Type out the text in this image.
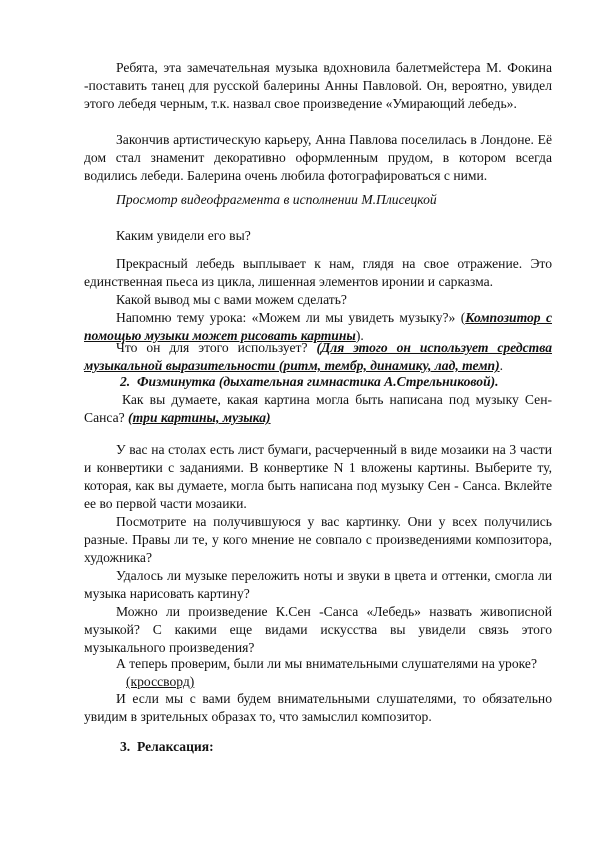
Ребята, эта замечательная музыка вдохновила балетмейстера М. Фокина -поставить танец для русской балерины Анны Павловой. Он, вероятно, увидел этого лебедя черным, т.к. назвал свое произведение «Умирающий лебедь».

Закончив артистическую карьеру, Анна Павлова поселилась в Лондоне. Её дом стал знаменит декоративно оформленным прудом, в котором всегда водились лебеди. Балерина очень любила фотографироваться с ними.

Просмотр видеофрагмента в исполнении М.Плисецкой

Каким увидели его вы?

Прекрасный лебедь выплывает к нам, глядя на свое отражение. Это единственная пьеса из цикла, лишенная элементов иронии и сарказма.

Какой вывод мы с вами можем сделать?

Напомню тему урока: «Можем ли мы увидеть музыку?» (Композитор с помощью музыки может рисовать картины).

Что он для этого использует? (Для этого он использует средства музыкальной выразительности (ритм, тембр, динамику, лад, темп).

2. Физминутка (дыхательная гимнастика А.Стрельниковой).

Как вы думаете, какая картина могла быть написана под музыку Сен-Санса? (три картины, музыка)

У вас на столах есть лист бумаги, расчерченный в виде мозаики на 3 части и конвертики с заданиями. В конвертике N 1 вложены картины. Выберите ту, которая, как вы думаете, могла быть написана под музыку Сен - Санса. Вклейте ее во первой части мозаики.

Посмотрите на получившуюся у вас картинку. Они у всех получились разные. Правы ли те, у кого мнение не совпало с произведениями композитора, художника?

Удалось ли музыке переложить ноты и звуки в цвета и оттенки, смогла ли музыка нарисовать картину?

Можно ли произведение К.Сен -Санса «Лебедь» назвать живописной музыкой? С какими еще видами искусства вы увидели связь этого музыкального произведения?

А теперь проверим, были ли мы внимательными слушателями на уроке?

(кроссворд)

И если мы с вами будем внимательными слушателями, то обязательно увидим в зрительных образах то, что замыслил композитор.

3. Релаксация:
